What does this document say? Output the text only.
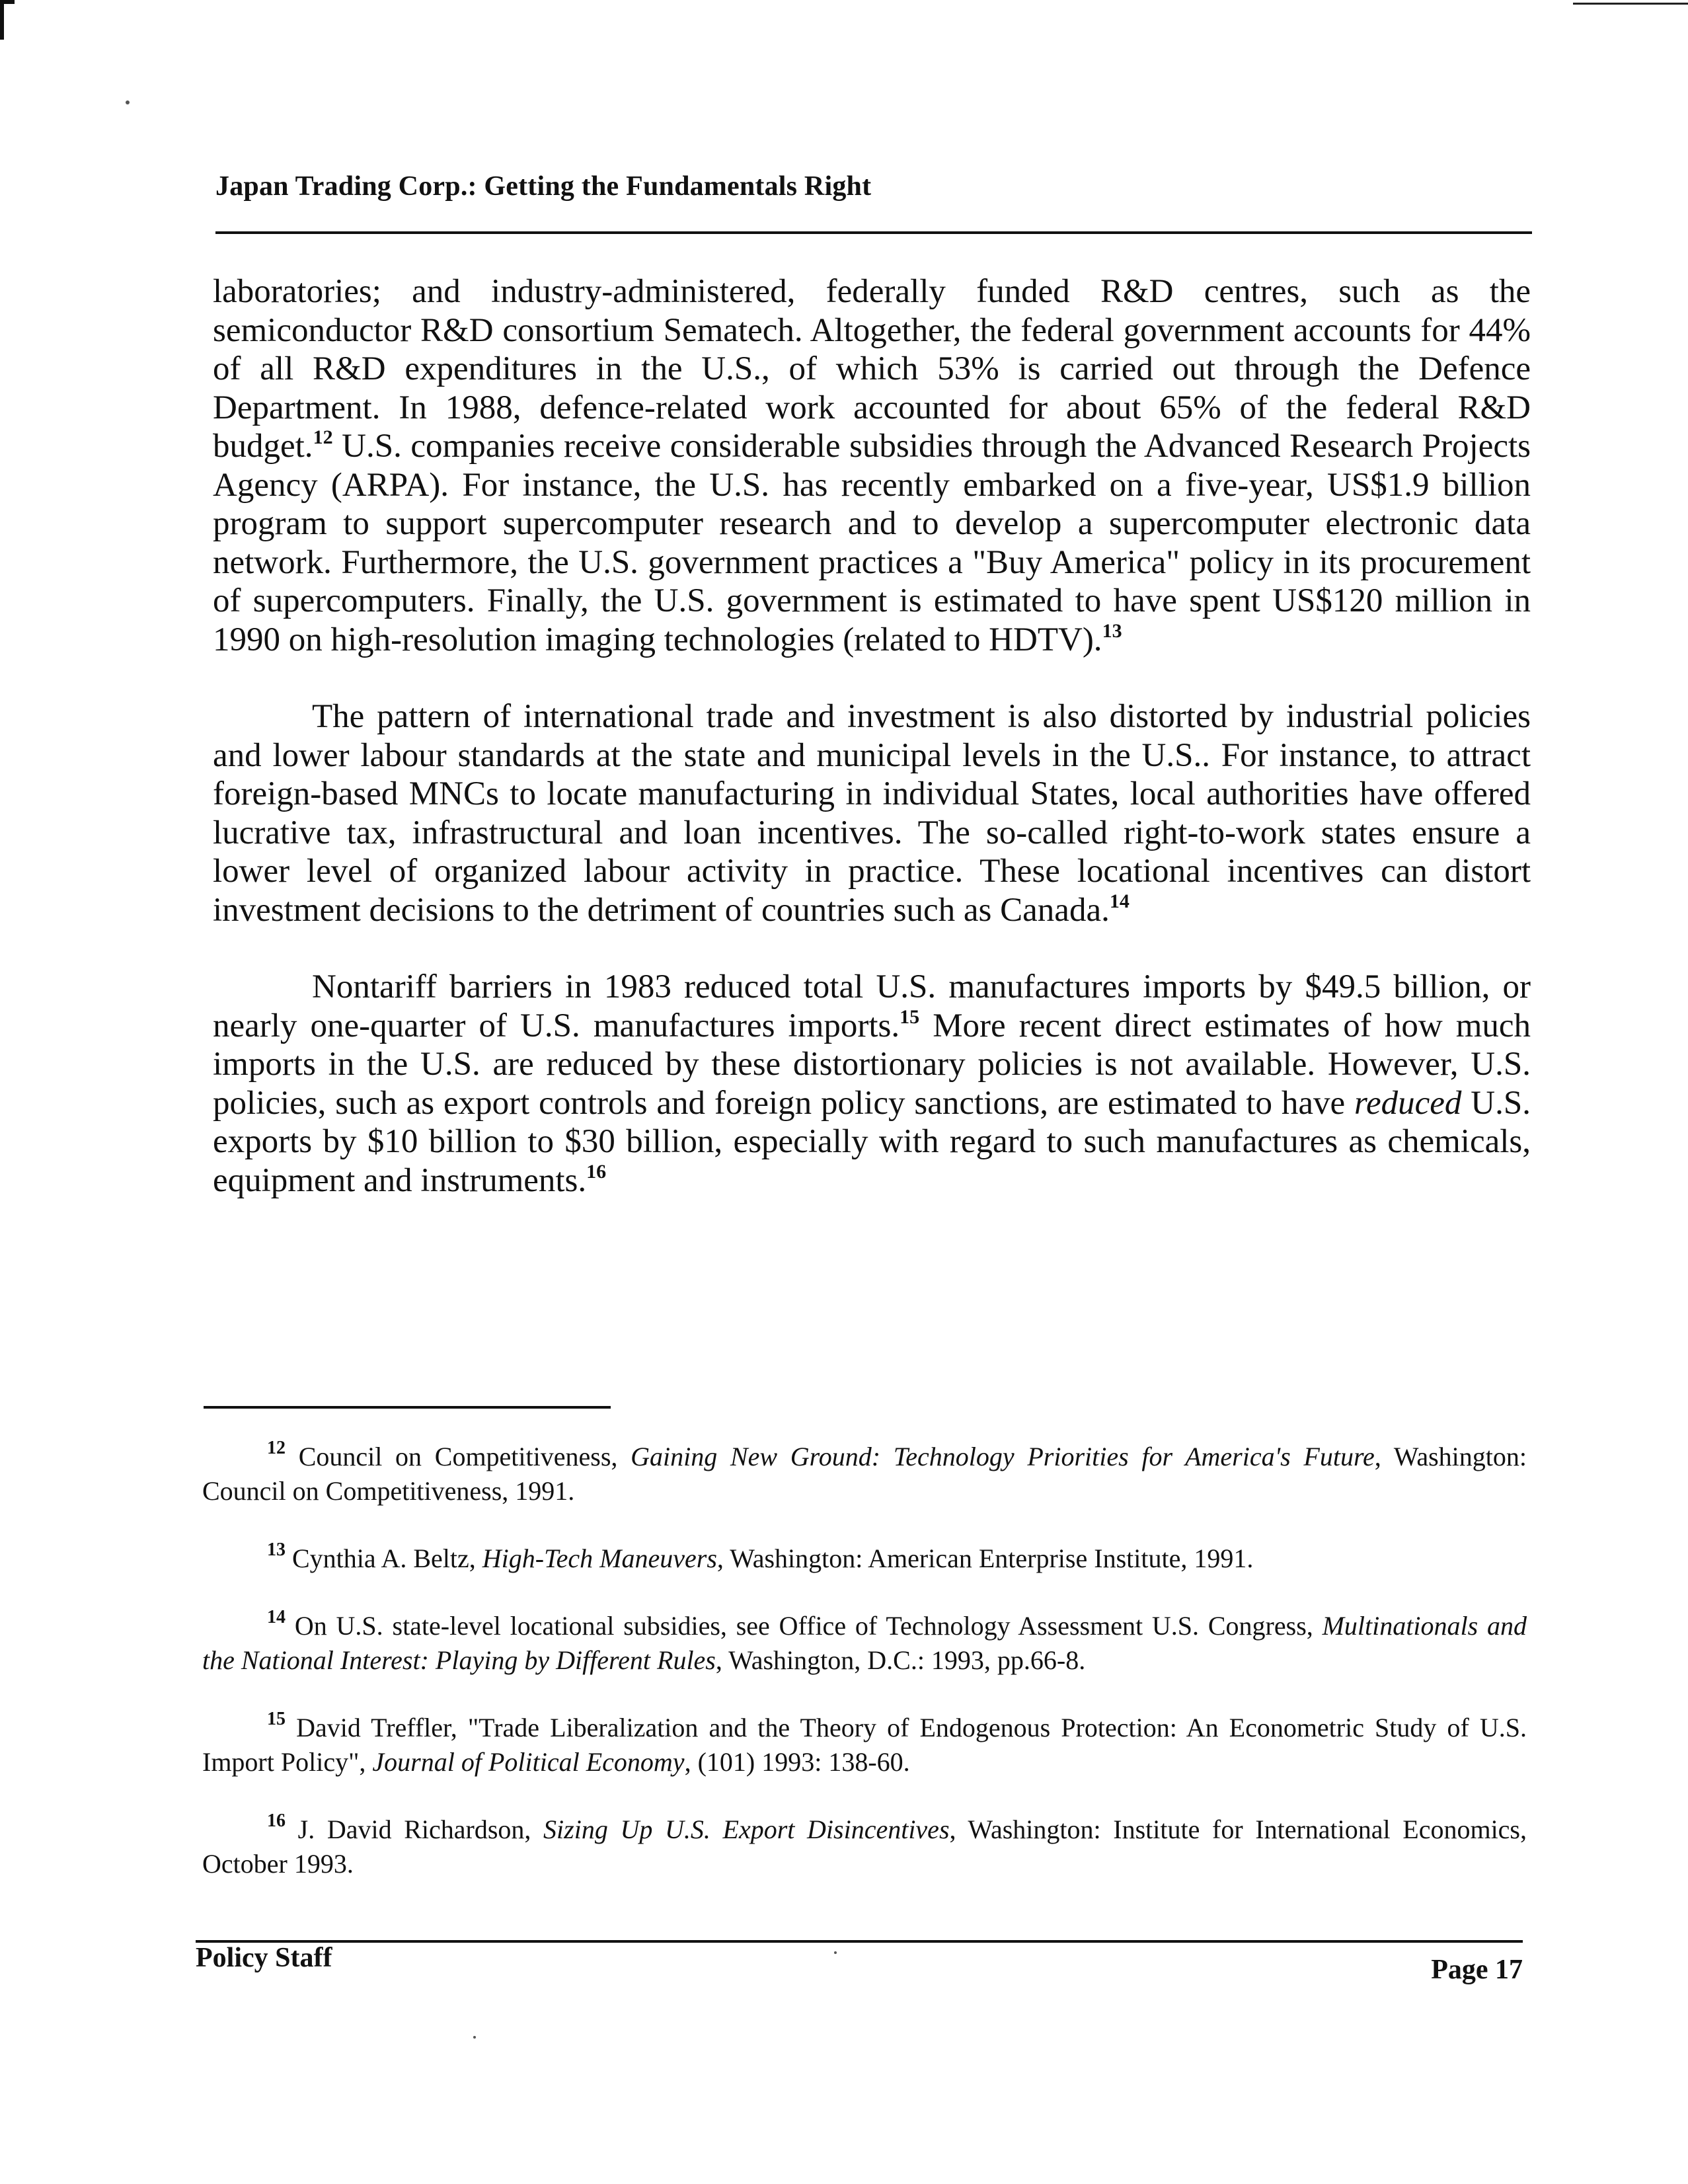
Japan Trading Corp.: Getting the Fundamentals Right

laboratories; and industry-administered, federally funded R&D centres, such as the semiconductor R&D consortium Sematech. Altogether, the federal government accounts for 44% of all R&D expenditures in the U.S., of which 53% is carried out through the Defence Department. In 1988, defence-related work accounted for about 65% of the federal R&D budget.$^{12}$ U.S. companies receive considerable subsidies through the Advanced Research Projects Agency (ARPA). For instance, the U.S. has recently embarked on a five-year, US$1.9 billion program to support supercomputer research and to develop a supercomputer electronic data network. Furthermore, the U.S. government practices a "Buy America" policy in its procurement of supercomputers. Finally, the U.S. government is estimated to have spent US$120 million in 1990 on high-resolution imaging technologies (related to HDTV).$^{13}$

The pattern of international trade and investment is also distorted by industrial policies and lower labour standards at the state and municipal levels in the U.S.. For instance, to attract foreign-based MNCs to locate manufacturing in individual States, local authorities have offered lucrative tax, infrastructural and loan incentives. The so-called right-to-work states ensure a lower level of organized labour activity in practice. These locational incentives can distort investment decisions to the detriment of countries such as Canada.$^{14}$

Nontariff barriers in 1983 reduced total U.S. manufactures imports by $49.5 billion, or nearly one-quarter of U.S. manufactures imports.$^{15}$ More recent direct estimates of how much imports in the U.S. are reduced by these distortionary policies is not available. However, U.S. policies, such as export controls and foreign policy sanctions, are estimated to have reduced U.S. exports by $10 billion to $30 billion, especially with regard to such manufactures as chemicals, equipment and instruments.$^{16}$

$^{12}$ Council on Competitiveness, Gaining New Ground: Technology Priorities for America's Future, Washington: Council on Competitiveness, 1991.

$^{13}$ Cynthia A. Beltz, High-Tech Maneuvers, Washington: American Enterprise Institute, 1991.

$^{14}$ On U.S. state-level locational subsidies, see Office of Technology Assessment U.S. Congress, Multinationals and the National Interest: Playing by Different Rules, Washington, D.C.: 1993, pp.66-8.

$^{15}$ David Treffler, "Trade Liberalization and the Theory of Endogenous Protection: An Econometric Study of U.S. Import Policy", Journal of Political Economy, (101) 1993: 138-60.

$^{16}$ J. David Richardson, Sizing Up U.S. Export Disincentives, Washington: Institute for International Economics, October 1993.

Policy Staff	Page 17
